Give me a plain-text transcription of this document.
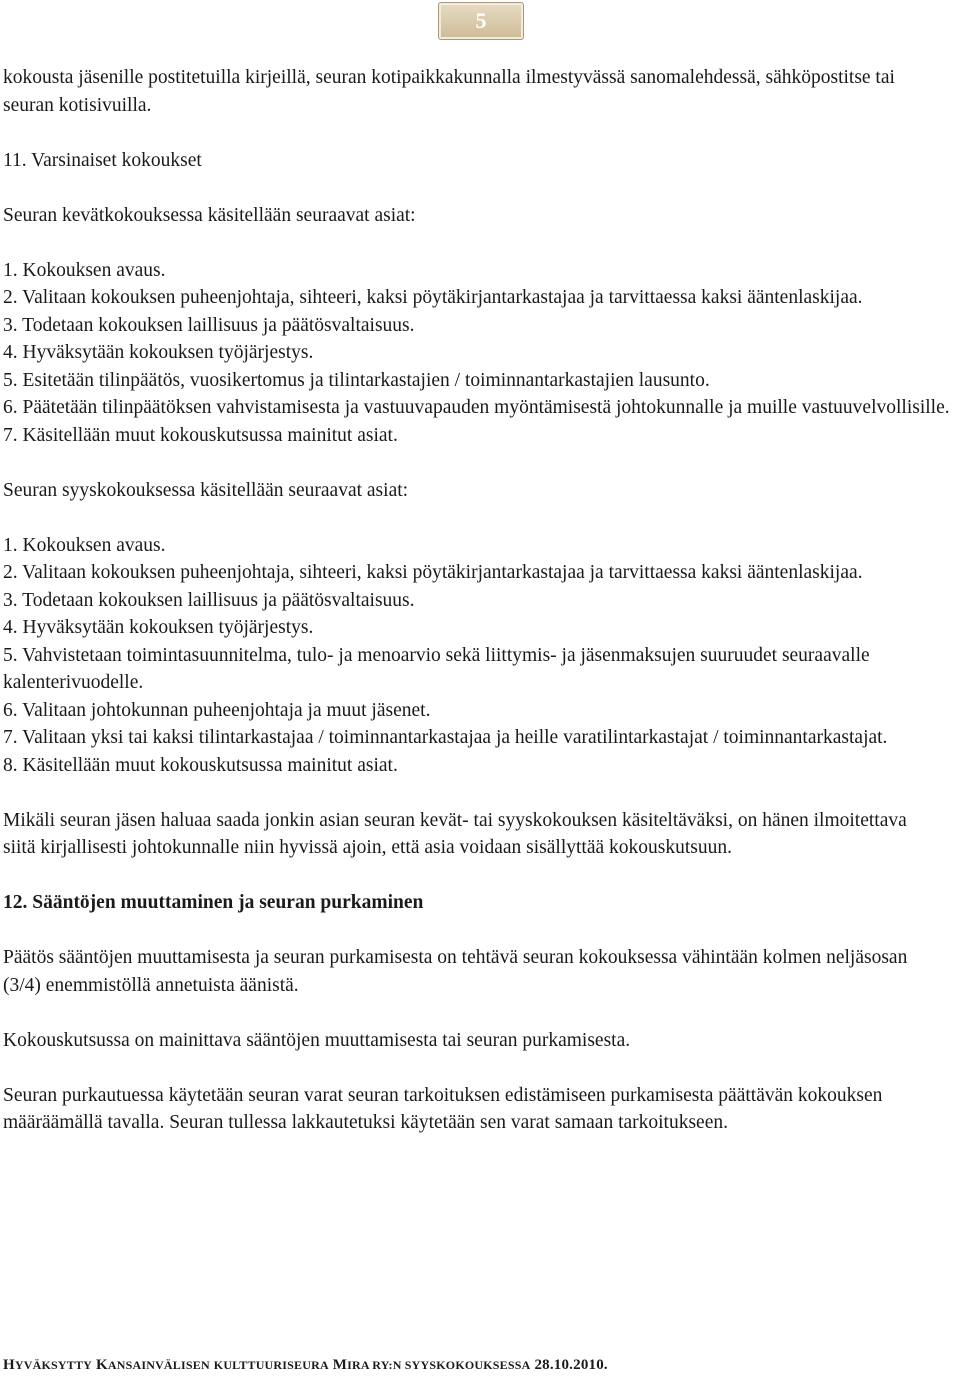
5

kokousta jäsenille postitetuilla kirjeillä, seuran kotipaikkakunnalla ilmestyvässä sanomalehdessä, sähköpostitse tai seuran kotisivuilla.

11. Varsinaiset kokoukset

Seuran kevätkokouksessa käsitellään seuraavat asiat:

1. Kokouksen avaus.

2. Valitaan kokouksen puheenjohtaja, sihteeri, kaksi pöytäkirjantarkastajaa ja tarvittaessa kaksi ääntenlaskijaa.

3. Todetaan kokouksen laillisuus ja päätösvaltaisuus.

4. Hyväksytään kokouksen työjärjestys.

5. Esitetään tilinpäätös, vuosikertomus ja tilintarkastajien / toiminnantarkastajien lausunto.

6. Päätetään tilinpäätöksen vahvistamisesta ja vastuuvapauden myöntämisestä johtokunnalle ja muille vastuuvelvollisille.

7. Käsitellään muut kokouskutsussa mainitut asiat.

Seuran syyskokouksessa käsitellään seuraavat asiat:

1. Kokouksen avaus.

2. Valitaan kokouksen puheenjohtaja, sihteeri, kaksi pöytäkirjantarkastajaa ja tarvittaessa kaksi ääntenlaskijaa.

3. Todetaan kokouksen laillisuus ja päätösvaltaisuus.

4. Hyväksytään kokouksen työjärjestys.

5. Vahvistetaan toimintasuunnitelma, tulo- ja menoarvio sekä liittymis- ja jäsenmaksujen suuruudet seuraavalle kalenterivuodelle.

6. Valitaan johtokunnan puheenjohtaja ja muut jäsenet.

7. Valitaan yksi tai kaksi tilintarkastajaa / toiminnantarkastajaa ja heille varatilintarkastajat / toiminnantarkastajat.

8. Käsitellään muut kokouskutsussa mainitut asiat.

Mikäli seuran jäsen haluaa saada jonkin asian seuran kevät- tai syyskokouksen käsiteltäväksi, on hänen ilmoitettava siitä kirjallisesti johtokunnalle niin hyvissä ajoin, että asia voidaan sisällyttää kokouskutsuun.

12. Sääntöjen muuttaminen ja seuran purkaminen

Päätös sääntöjen muuttamisesta ja seuran purkamisesta on tehtävä seuran kokouksessa vähintään kolmen neljäsosan (3/4) enemmistöllä annetuista äänistä.

Kokouskutsussa on mainittava sääntöjen muuttamisesta tai seuran purkamisesta.

Seuran purkautuessa käytetään seuran varat seuran tarkoituksen edistämiseen purkamisesta päättävän kokouksen määräämällä tavalla. Seuran tullessa lakkautetuksi käytetään sen varat samaan tarkoitukseen.

HYVÄKSYTTY KANSAINVÄLISEN KULTTUURISEURA MIRA RY:N SYYSKOKOUKSESSA 28.10.2010.
